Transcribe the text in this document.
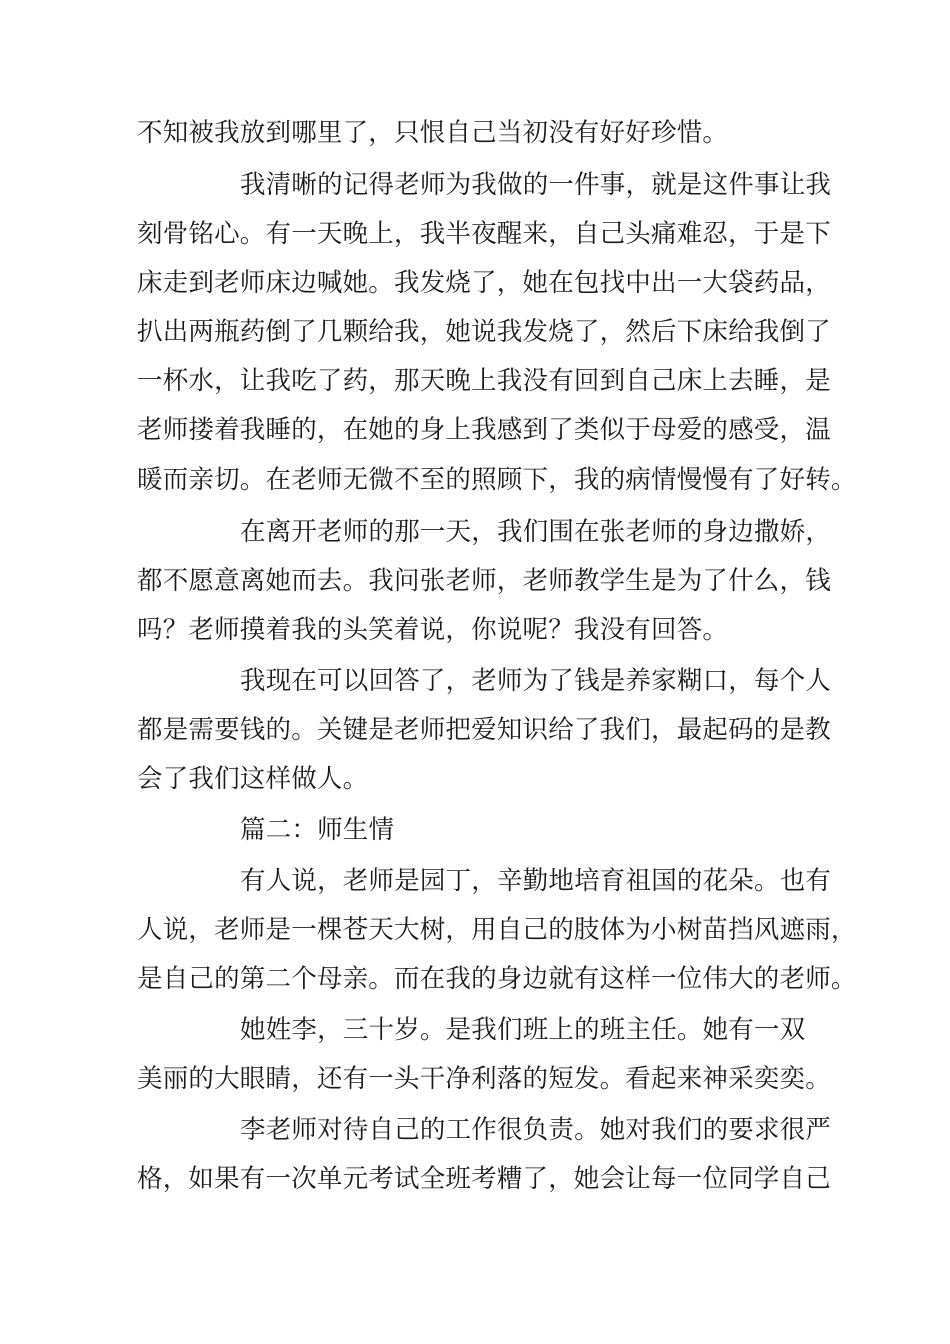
不知被我放到哪里了，只恨自己当初没有好好珍惜。
我清晰的记得老师为我做的一件事，就是这件事让我
刻骨铭心。有一天晚上，我半夜醒来，自己头痛难忍，于是下
床走到老师床边喊她。我发烧了，她在包找中出一大袋药品，
扒出两瓶药倒了几颗给我，她说我发烧了，然后下床给我倒了
一杯水，让我吃了药，那天晚上我没有回到自己床上去睡，是
老师搂着我睡的，在她的身上我感到了类似于母爱的感受，温
暖而亲切。在老师无微不至的照顾下，我的病情慢慢有了好转。
在离开老师的那一天，我们围在张老师的身边撒娇，
都不愿意离她而去。我问张老师，老师教学生是为了什么，钱
吗？老师摸着我的头笑着说，你说呢？我没有回答。
我现在可以回答了，老师为了钱是养家糊口，每个人
都是需要钱的。关键是老师把爱知识给了我们，最起码的是教
会了我们这样做人。
篇二：师生情
有人说，老师是园丁，辛勤地培育祖国的花朵。也有
人说，老师是一棵苍天大树，用自己的肢体为小树苗挡风遮雨，
是自己的第二个母亲。而在我的身边就有这样一位伟大的老师。
她姓李，三十岁。是我们班上的班主任。她有一双
美丽的大眼睛，还有一头干净利落的短发。看起来神采奕奕。
李老师对待自己的工作很负责。她对我们的要求很严
格，如果有一次单元考试全班考糟了，她会让每一位同学自己
